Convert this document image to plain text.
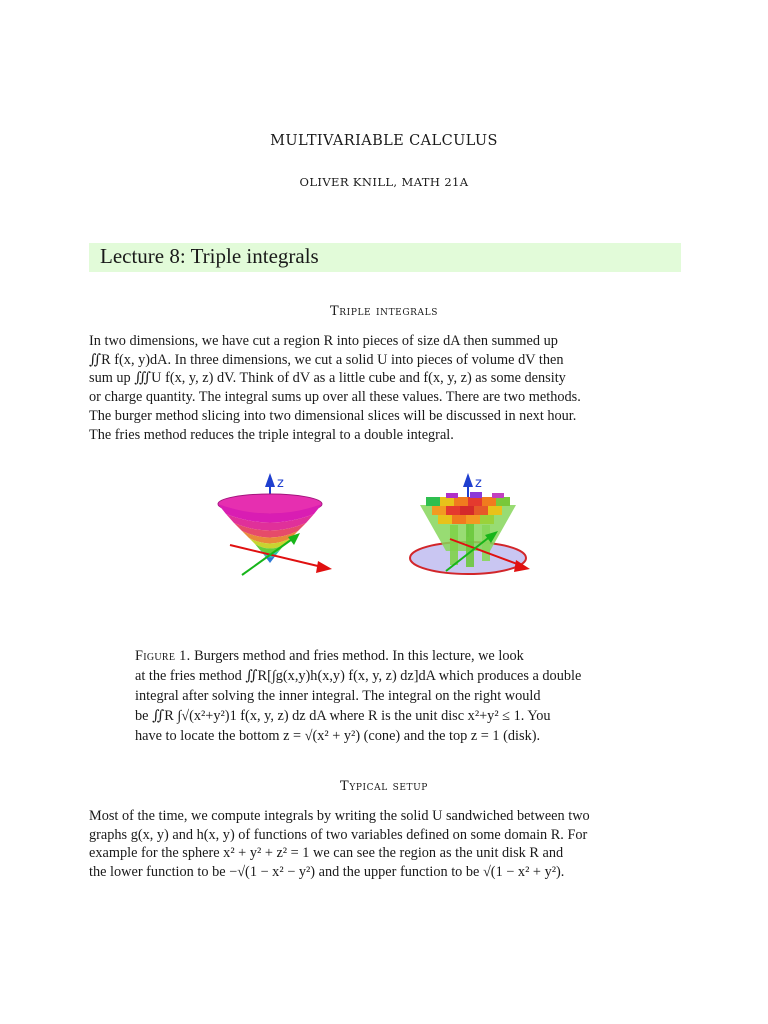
MULTIVARIABLE CALCULUS
OLIVER KNILL, MATH 21A
Lecture 8: Triple integrals
Triple integrals
In two dimensions, we have cut a region R into pieces of size dA then summed up
∬R f(x, y)dA. In three dimensions, we cut a solid U into pieces of volume dV then
sum up ∭U f(x, y, z) dV. Think of dV as a little cube and f(x, y, z) as some density
or charge quantity. The integral sums up over all these values. There are two methods.
The burger method slicing into two dimensional slices will be discussed in next hour.
The fries method reduces the triple integral to a double integral.
z	z
Figure 1. Burgers method and fries method. In this lecture, we look
at the fries method ∬R[∫g(x,y)h(x,y) f(x, y, z) dz]dA which produces a double
integral after solving the inner integral. The integral on the right would
be ∬R ∫√(x²+y²)1 f(x, y, z) dz dA where R is the unit disc x²+y² ≤ 1. You
have to locate the bottom z = √(x² + y²) (cone) and the top z = 1 (disk).
Typical setup
Most of the time, we compute integrals by writing the solid U sandwiched between two
graphs g(x, y) and h(x, y) of functions of two variables defined on some domain R. For
example for the sphere x² + y² + z² = 1 we can see the region as the unit disk R and
the lower function to be −√(1 − x² − y²) and the upper function to be √(1 − x² + y²).
